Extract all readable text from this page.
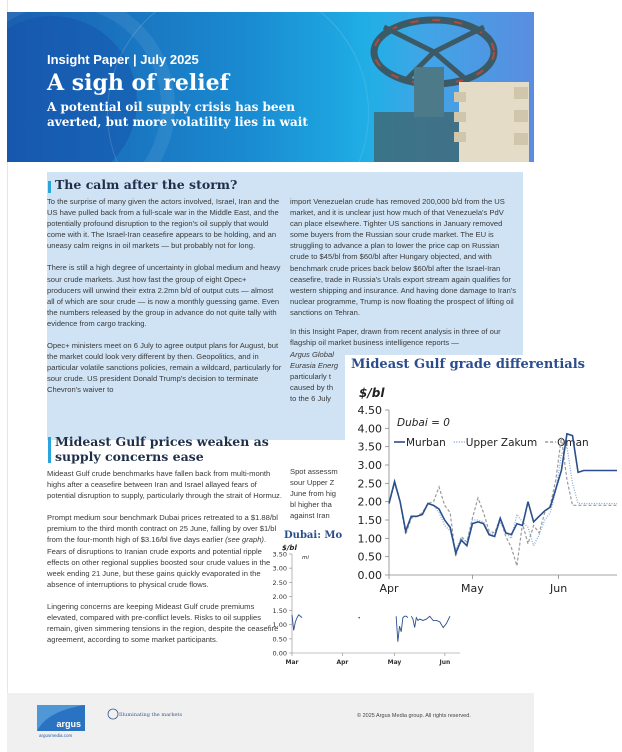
Insight Paper | July 2025
A sigh of relief
A potential oil supply crisis has been averted, but more volatility lies in wait
The calm after the storm?

To the surprise of many given the actors involved, Israel, Iran and the US have pulled back from a full-scale war in the Middle East, and the potentially profound disruption to the region's oil supply that would come with it. The Israel-Iran ceasefire appears to be holding, and an uneasy calm reigns in oil markets — but probably not for long.

There is still a high degree of uncertainty in global medium and heavy sour crude markets. Just how fast the group of eight Opec+ producers will unwind their extra 2.2mn b/d of output cuts — almost all of which are sour crude — is now a monthly guessing game. Even the numbers released by the group in advance do not quite tally with evidence from cargo tracking.

Opec+ ministers meet on 6 July to agree output plans for August, but the market could look very different by then. Geopolitics, and in particular volatile sanctions policies, remain a wildcard, particularly for sour crude. US president Donald Trump's decision to terminate Chevron's waiver to

import Venezuelan crude has removed 200,000 b/d from the US market, and it is unclear just how much of that Venezuela's PdV can place elsewhere. Tighter US sanctions in January removed some buyers from the Russian sour crude market. The EU is struggling to advance a plan to lower the price cap on Russian crude to $45/bl from $60/bl after Hungary objected, and with benchmark crude prices back below $60/bl after the Israel-Iran ceasefire, trade in Russia's Urals export stream again qualifies for western shipping and insurance. And having done damage to Iran's nuclear programme, Trump is now floating the prospect of lifting oil sanctions on Tehran.

In this Insight Paper, drawn from recent analysis in three of our flagship oil market business intelligence reports —

Argus Global
Eurasia Energ
particularly t
caused by th
to the 6 July
Mideast Gulf prices weaken as supply concerns ease

Mideast Gulf crude benchmarks have fallen back from multi-month highs after a ceasefire between Iran and Israel allayed fears of potential disruption to supply, particularly through the strait of Hormuz.

Prompt medium sour benchmark Dubai prices retreated to a $1.88/bl premium to the third month contract on 25 June, falling by over $1/bl from the four-month high of $3.16/bl five days earlier (see graph). Fears of disruptions to Iranian crude exports and potential ripple effects on other regional supplies boosted sour crude values in the week ending 21 June, but these gains quickly evaporated in the absence of interruptions to physical crude flows.

Lingering concerns are keeping Mideast Gulf crude premiums elevated, compared with pre-conflict levels. Risks to oil supplies remain, given simmering tensions in the region, despite the ceasefire agreement, according to some market participants.

Spot assessm
sour Upper Z
June from hig
bl higher tha
against Iran
Dubai: Mo
$/bl
mi
0.00
0.50
1.00
1.50
2.00
2.50
3.00
3.50
Mar	Apr	May	Jun
Mideast Gulf grade differentials
$/bl
0.00
0.50
1.00
1.50
2.00
2.50
3.00
3.50
4.00
4.50
Apr	May	Jun
Dubai = 0
Murban Upper Zakum Oman
argus
argusmedia.com
Illuminating the markets	© 2025 Argus Media group. All rights reserved.
